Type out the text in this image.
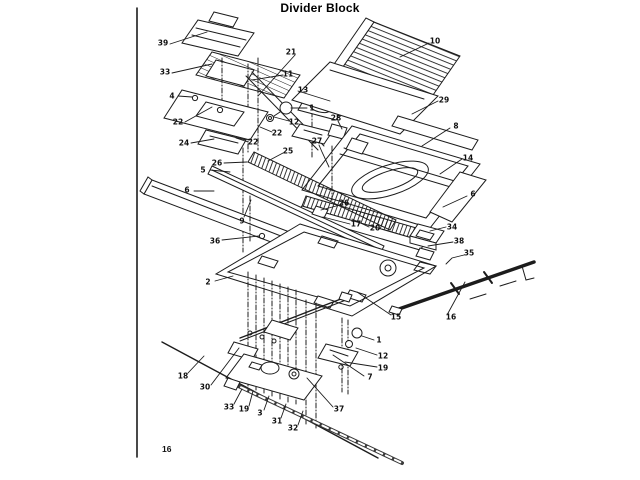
Divider Block
39
33
4
22
24
21
11
13
1
12
22
22
10
29
28
8
27
14
6
25
26
5
6
26
17 20
9
36
2
34
38
35
16
15
1
12
19
7
37
18
30
33 19 3
31
32
16
